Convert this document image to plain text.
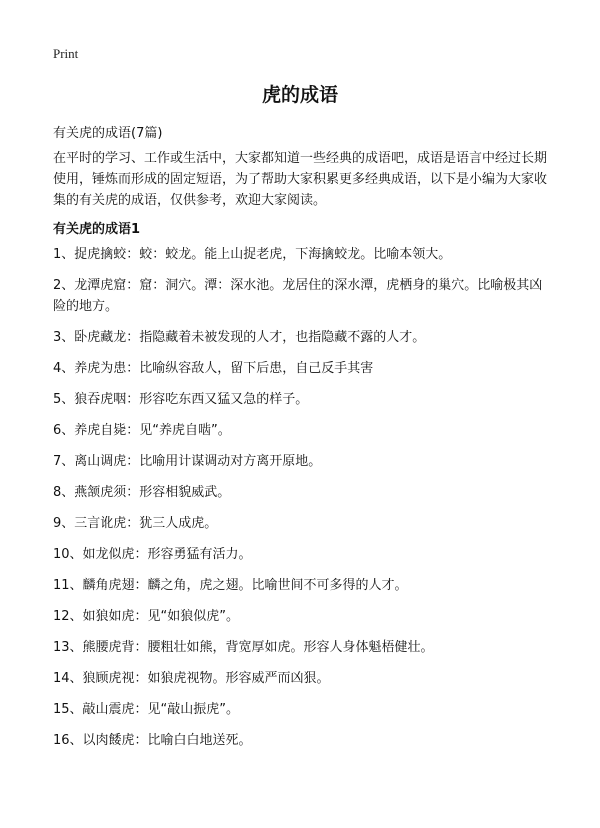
Print
虎的成语

有关虎的成语(7篇)

在平时的学习、工作或生活中，大家都知道一些经典的成语吧，成语是语言中经过长期使用，锤炼而形成的固定短语，为了帮助大家积累更多经典成语，以下是小编为大家收集的有关虎的成语，仅供参考，欢迎大家阅读。

有关虎的成语1
1、捉虎擒蛟：蛟：蛟龙。能上山捉老虎，下海擒蛟龙。比喻本领大。
2、龙潭虎窟：窟：洞穴。潭：深水池。龙居住的深水潭，虎栖身的巢穴。比喻极其凶险的地方。
3、卧虎藏龙：指隐藏着未被发现的人才，也指隐藏不露的人才。
4、养虎为患：比喻纵容敌人，留下后患，自己反手其害
5、狼吞虎咽：形容吃东西又猛又急的样子。
6、养虎自毙：见“养虎自啮”。
7、离山调虎：比喻用计谋调动对方离开原地。
8、燕颔虎须：形容相貌威武。
9、三言讹虎：犹三人成虎。
10、如龙似虎：形容勇猛有活力。
11、麟角虎翅：麟之角，虎之翅。比喻世间不可多得的人才。
12、如狼如虎：见“如狼似虎”。
13、熊腰虎背：腰粗壮如熊，背宽厚如虎。形容人身体魁梧健壮。
14、狼顾虎视：如狼虎视物。形容威严而凶狠。
15、敲山震虎：见“敲山振虎”。
16、以肉餧虎：比喻白白地送死。
